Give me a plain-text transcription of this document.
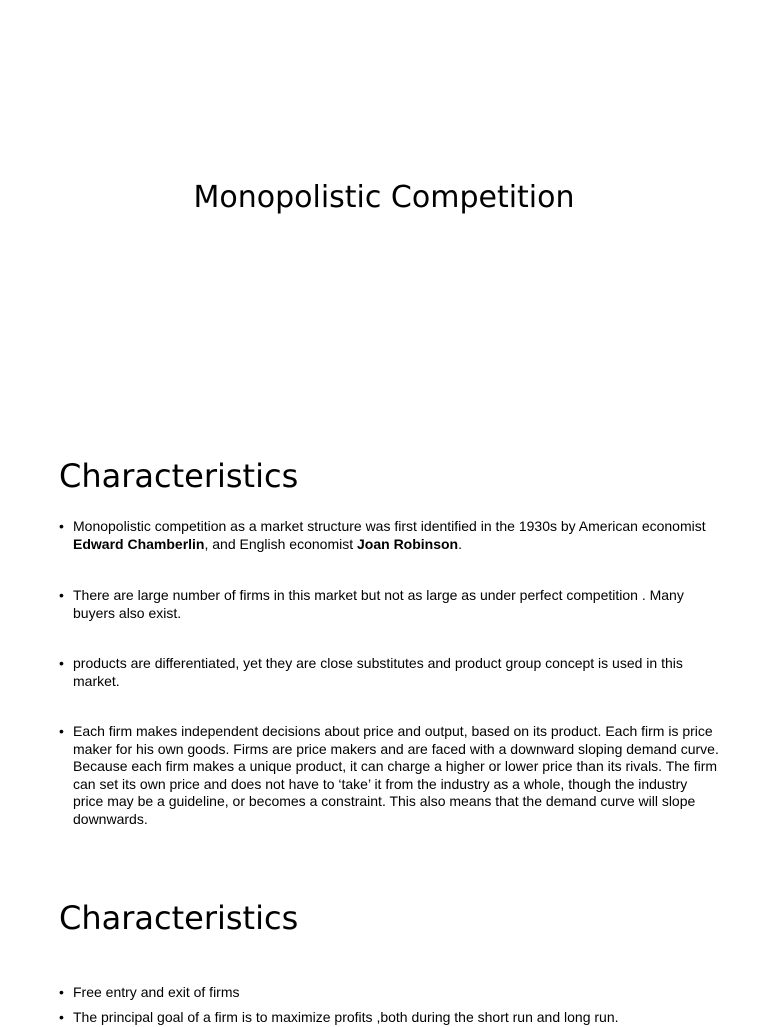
Monopolistic Competition
Characteristics
• Monopolistic competition as a market structure was first identified in the 1930s by American economist Edward Chamberlin, and English economist Joan Robinson.
• There are large number of firms in this market but not as large as under perfect competition . Many buyers also exist.
• products are differentiated, yet they are close substitutes and product group concept is used in this market.
• Each firm makes independent decisions about price and output, based on its product. Each firm is price maker for his own goods. Firms are price makers and are faced with a downward sloping demand curve. Because each firm makes a unique product, it can charge a higher or lower price than its rivals. The firm can set its own price and does not have to ‘take’ it from the industry as a whole, though the industry price may be a guideline, or becomes a constraint. This also means that the demand curve will slope downwards.
Characteristics
• Free entry and exit of firms
• The principal goal of a firm is to maximize profits ,both during the short run and long run.
